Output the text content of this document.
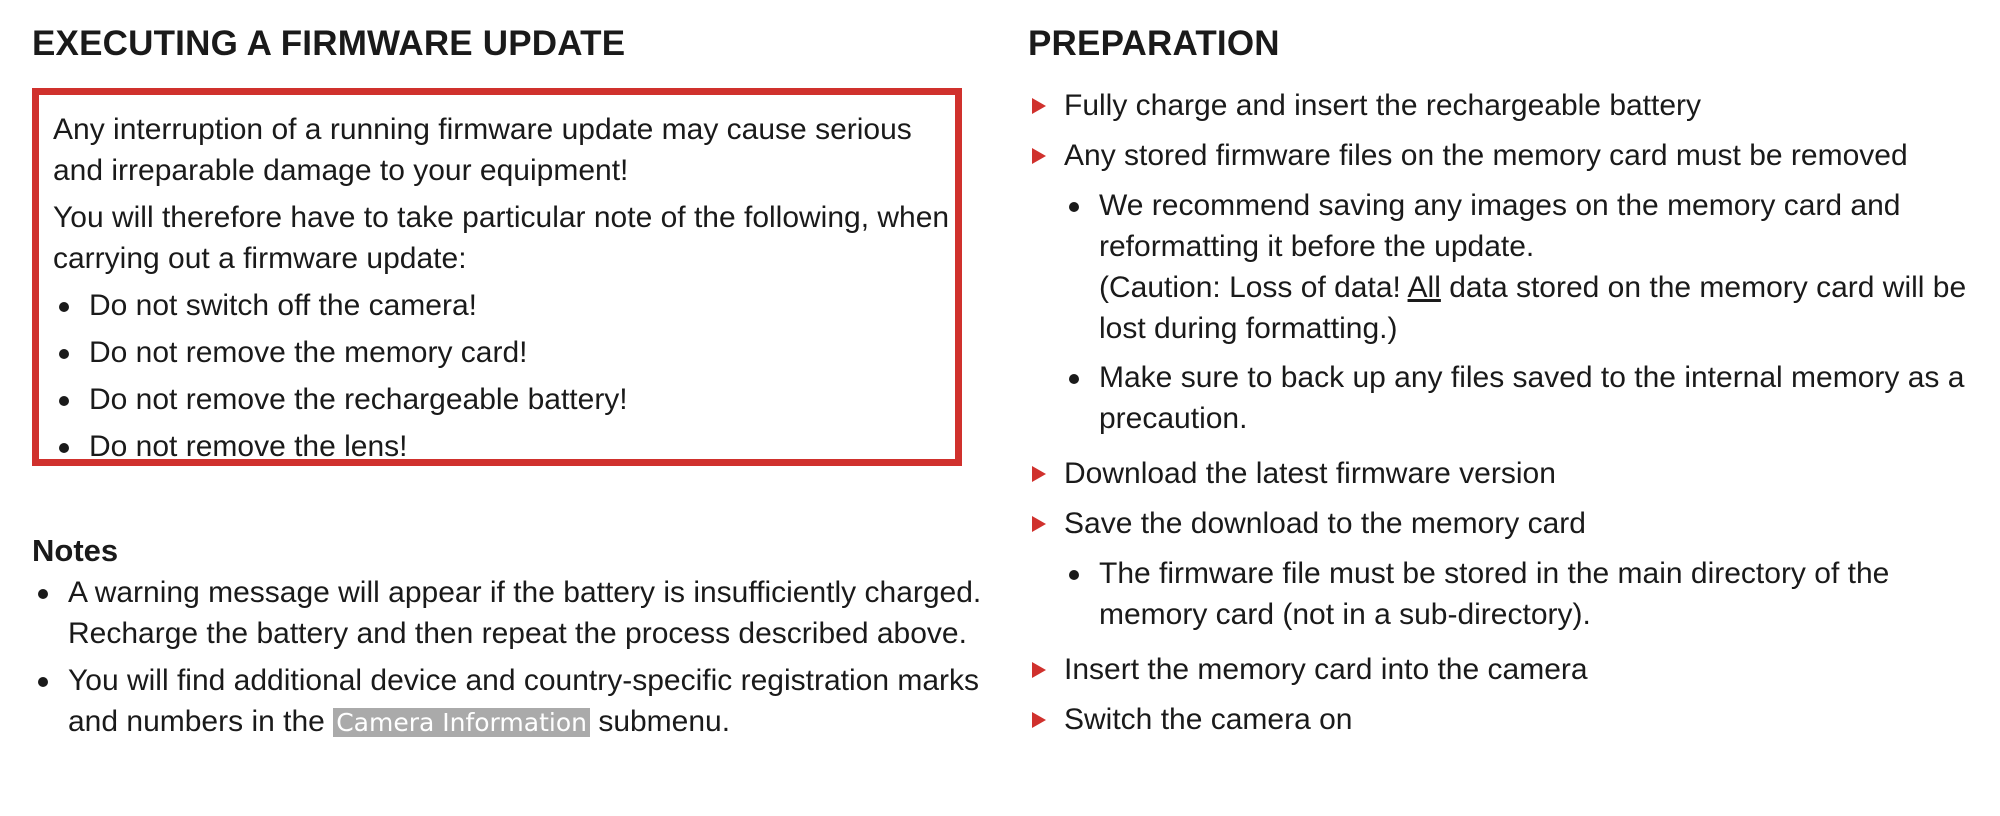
EXECUTING A FIRMWARE UPDATE

Any interruption of a running firmware update may cause serious and irreparable damage to your equipment!

You will therefore have to take particular note of the following, when carrying out a firmware update:

Do not switch off the camera!
Do not remove the memory card!
Do not remove the rechargeable battery!
Do not remove the lens!
Notes
A warning message will appear if the battery is insufficiently charged. Recharge the battery and then repeat the process described above.
You will find additional device and country-specific registration marks and numbers in the Camera Information submenu.
PREPARATION
Fully charge and insert the rechargeable battery
Any stored firmware files on the memory card must be removed
We recommend saving any images on the memory card and reformatting it before the update.
(Caution: Loss of data! All data stored on the memory card will be lost during formatting.)
Make sure to back up any files saved to the internal memory as a precaution.
Download the latest firmware version
Save the download to the memory card
The firmware file must be stored in the main directory of the memory card (not in a sub-directory).
Insert the memory card into the camera
Switch the camera on
